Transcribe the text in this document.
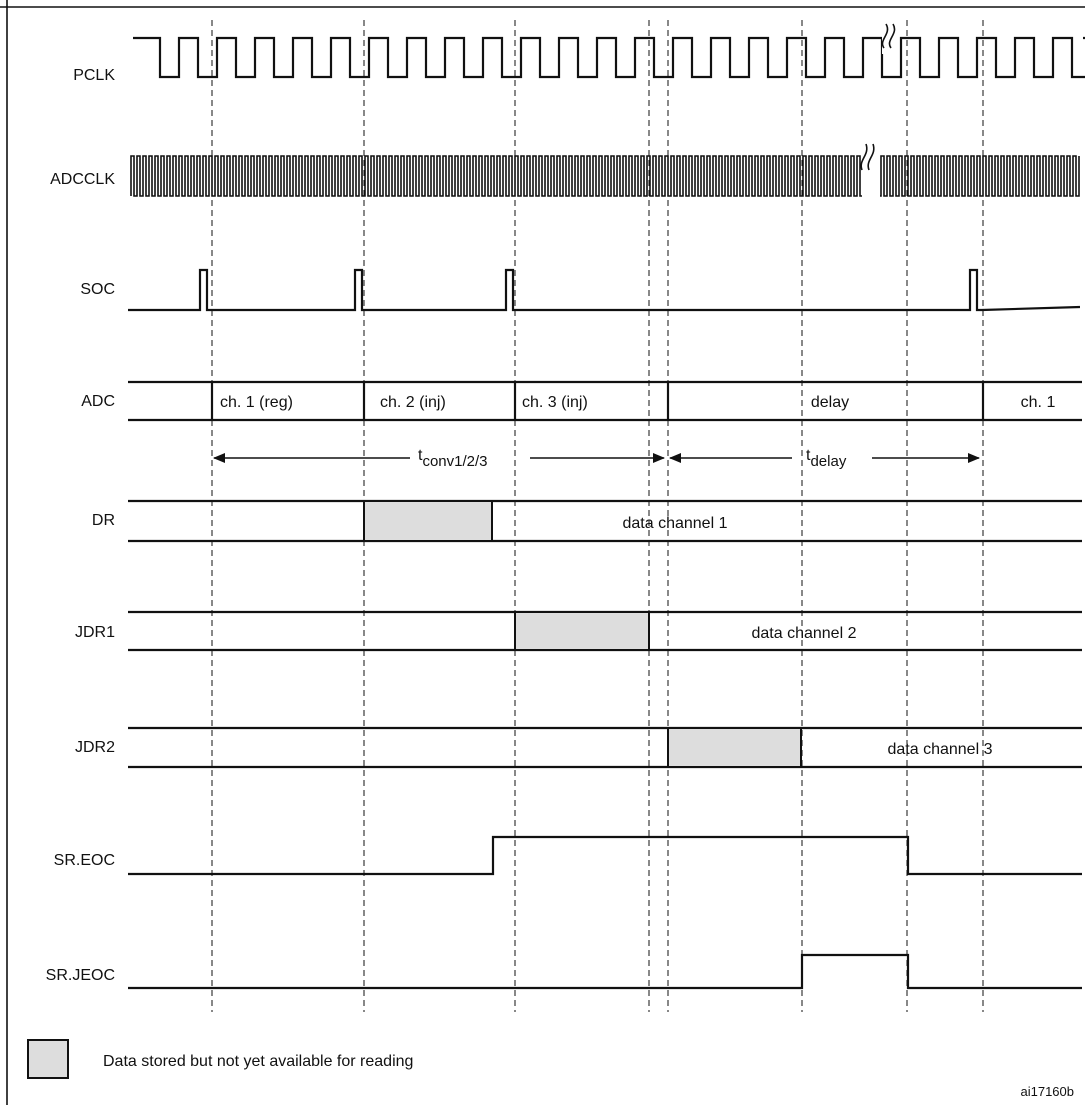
PCLK
ADCCLK
SOC
ADC
DR
JDR1
JDR2
SR.EOC
SR.JEOC
ch. 1 (reg)	ch. 2 (inj)	ch. 3 (inj)	delay	ch. 1
tconv1/2/3	tdelay
data channel 1
data channel 2
data channel 3
Data stored but not yet available for reading
ai17160b
